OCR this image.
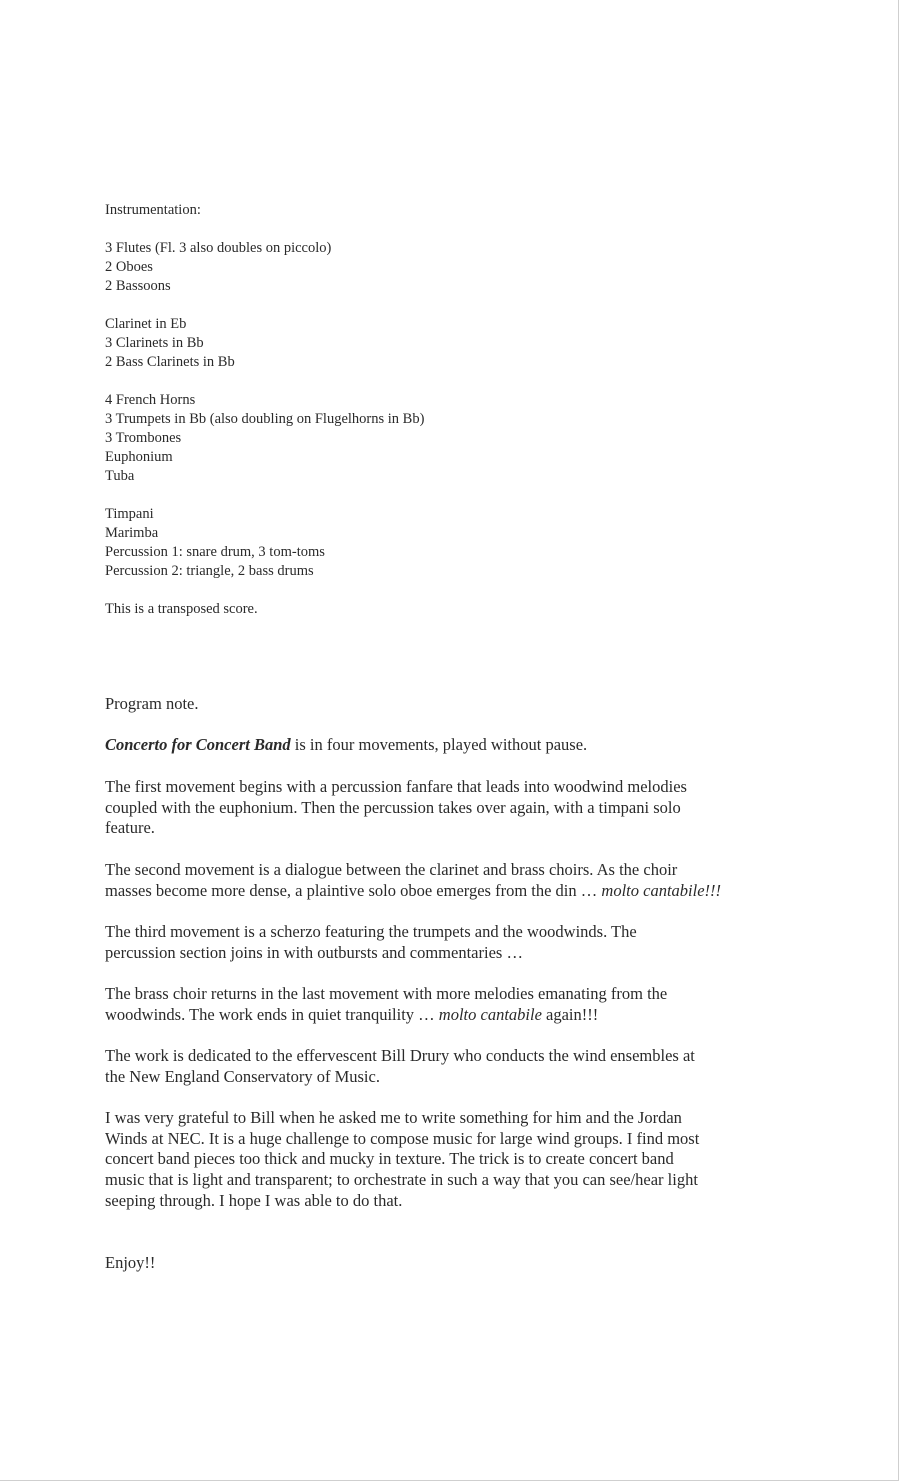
Instrumentation:
3 Flutes (Fl. 3 also doubles on piccolo)
2 Oboes
2 Bassoons
Clarinet in Eb
3 Clarinets in Bb
2 Bass Clarinets in Bb
4 French Horns
3 Trumpets in Bb (also doubling on Flugelhorns in Bb)
3 Trombones
Euphonium
Tuba
Timpani
Marimba
Percussion 1: snare drum, 3 tom-toms
Percussion 2: triangle, 2 bass drums
This is a transposed score.
Program note.

Concerto for Concert Band is in four movements, played without pause.

The first movement begins with a percussion fanfare that leads into woodwind melodies
coupled with the euphonium. Then the percussion takes over again, with a timpani solo
feature.
The second movement is a dialogue between the clarinet and brass choirs. As the choir
masses become more dense, a plaintive solo oboe emerges from the din … molto cantabile!!!
The third movement is a scherzo featuring the trumpets and the woodwinds. The
percussion section joins in with outbursts and commentaries …
The brass choir returns in the last movement with more melodies emanating from the
woodwinds. The work ends in quiet tranquility … molto cantabile again!!!
The work is dedicated to the effervescent Bill Drury who conducts the wind ensembles at
the New England Conservatory of Music.
I was very grateful to Bill when he asked me to write something for him and the Jordan
Winds at NEC. It is a huge challenge to compose music for large wind groups. I find most
concert band pieces too thick and mucky in texture. The trick is to create concert band
music that is light and transparent; to orchestrate in such a way that you can see/hear light
seeping through. I hope I was able to do that.
Enjoy!!
